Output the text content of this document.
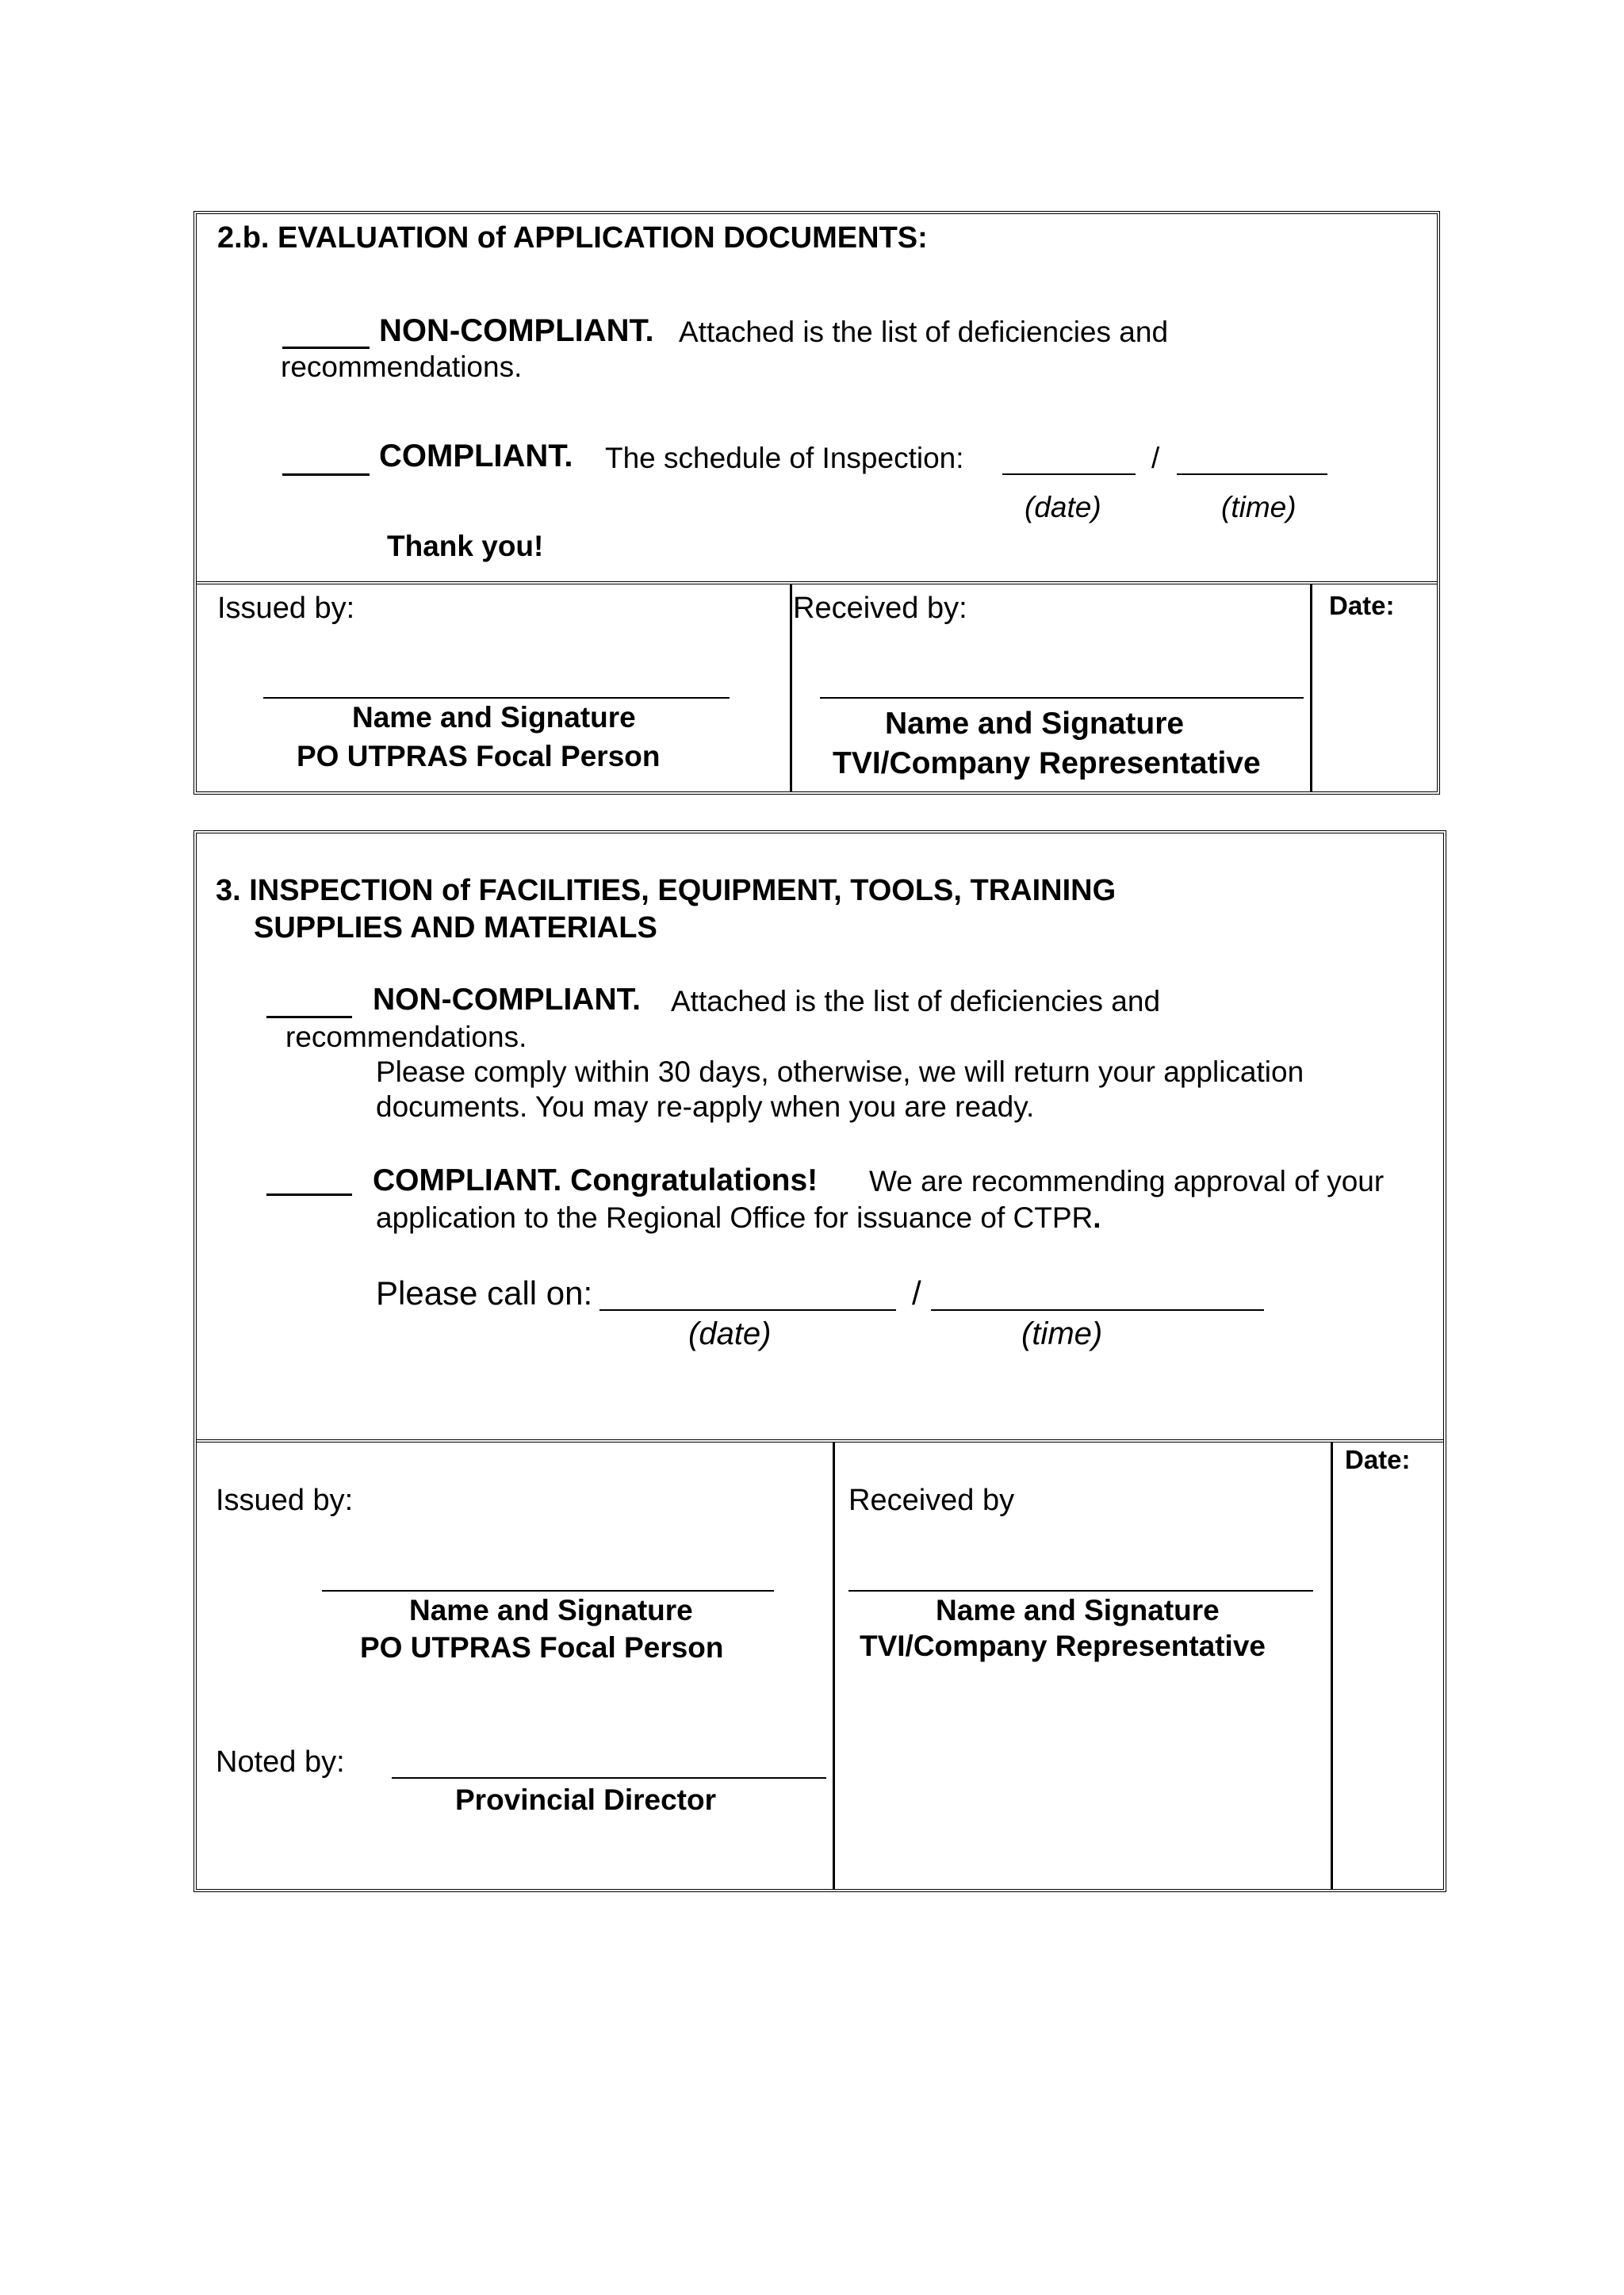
2.b. EVALUATION of APPLICATION DOCUMENTS:
NON-COMPLIANT. Attached is the list of deficiencies and
recommendations.
COMPLIANT. The schedule of Inspection:	/
(date)	(time)
Thank you!
Issued by:
Name and Signature
PO UTPRAS Focal Person
Received by:
Name and Signature
TVI/Company Representative
Date:
3. INSPECTION of FACILITIES, EQUIPMENT, TOOLS, TRAINING
SUPPLIES AND MATERIALS
NON-COMPLIANT. Attached is the list of deficiencies and
recommendations.
Please comply within 30 days, otherwise, we will return your application
documents. You may re-apply when you are ready.
COMPLIANT. Congratulations! We are recommending approval of your
application to the Regional Office for issuance of CTPR.
Please call on:	/
(date)	(time)
Issued by:
Name and Signature
PO UTPRAS Focal Person
Noted by:
Provincial Director
Received by
Name and Signature
TVI/Company Representative
Date:
